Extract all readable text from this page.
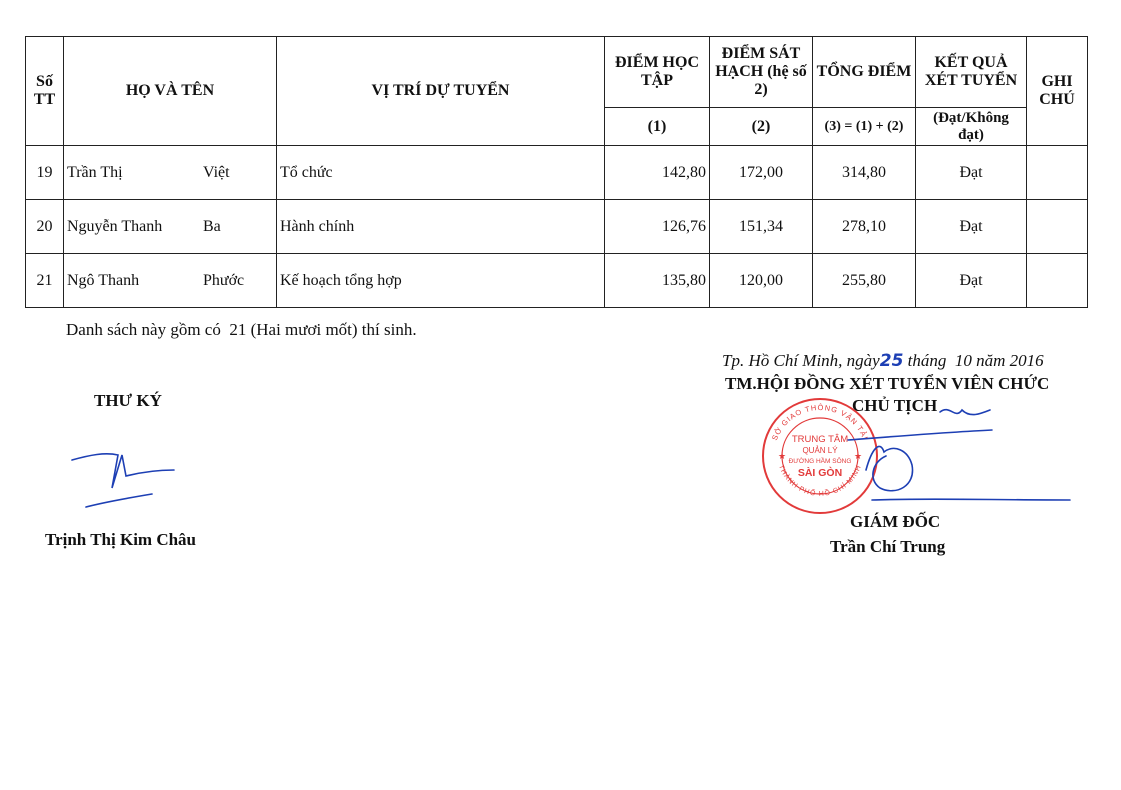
Số TT	HỌ VÀ TÊN	VỊ TRÍ DỰ TUYỂN	ĐIỂM HỌC TẬP	ĐIỂM SÁT HẠCH (hệ số 2)	TỔNG ĐIỂM	KẾT QUẢ XÉT TUYỂN	GHI CHÚ
			(1)	(2)	(3) = (1) + (2)	(Đạt/Không đạt)	
19	Trần Thị Việt	Tổ chức	142,80	172,00	314,80	Đạt	
20	Nguyễn Thanh Ba	Hành chính	126,76	151,34	278,10	Đạt	
21	Ngô Thanh Phước	Kế hoạch tổng hợp	135,80	120,00	255,80	Đạt	
Danh sách này gồm có  21 (Hai mươi mốt) thí sinh.
Tp. Hồ Chí Minh, ngày25 tháng  10 năm 2016
TM.HỘI ĐỒNG XÉT TUYỂN VIÊN CHỨC
CHỦ TỊCH
THƯ KÝ
Trịnh Thị Kim Châu
SỞ GIAO THÔNG VẬN TẢI
THÀNH PHỐ HỒ CHÍ MINH
TRUNG TÂM
QUẢN LÝ
ĐƯỜNG HẦM SÔNG
SÀI GÒN
★	★
GIÁM ĐỐC
Trần Chí Trung
